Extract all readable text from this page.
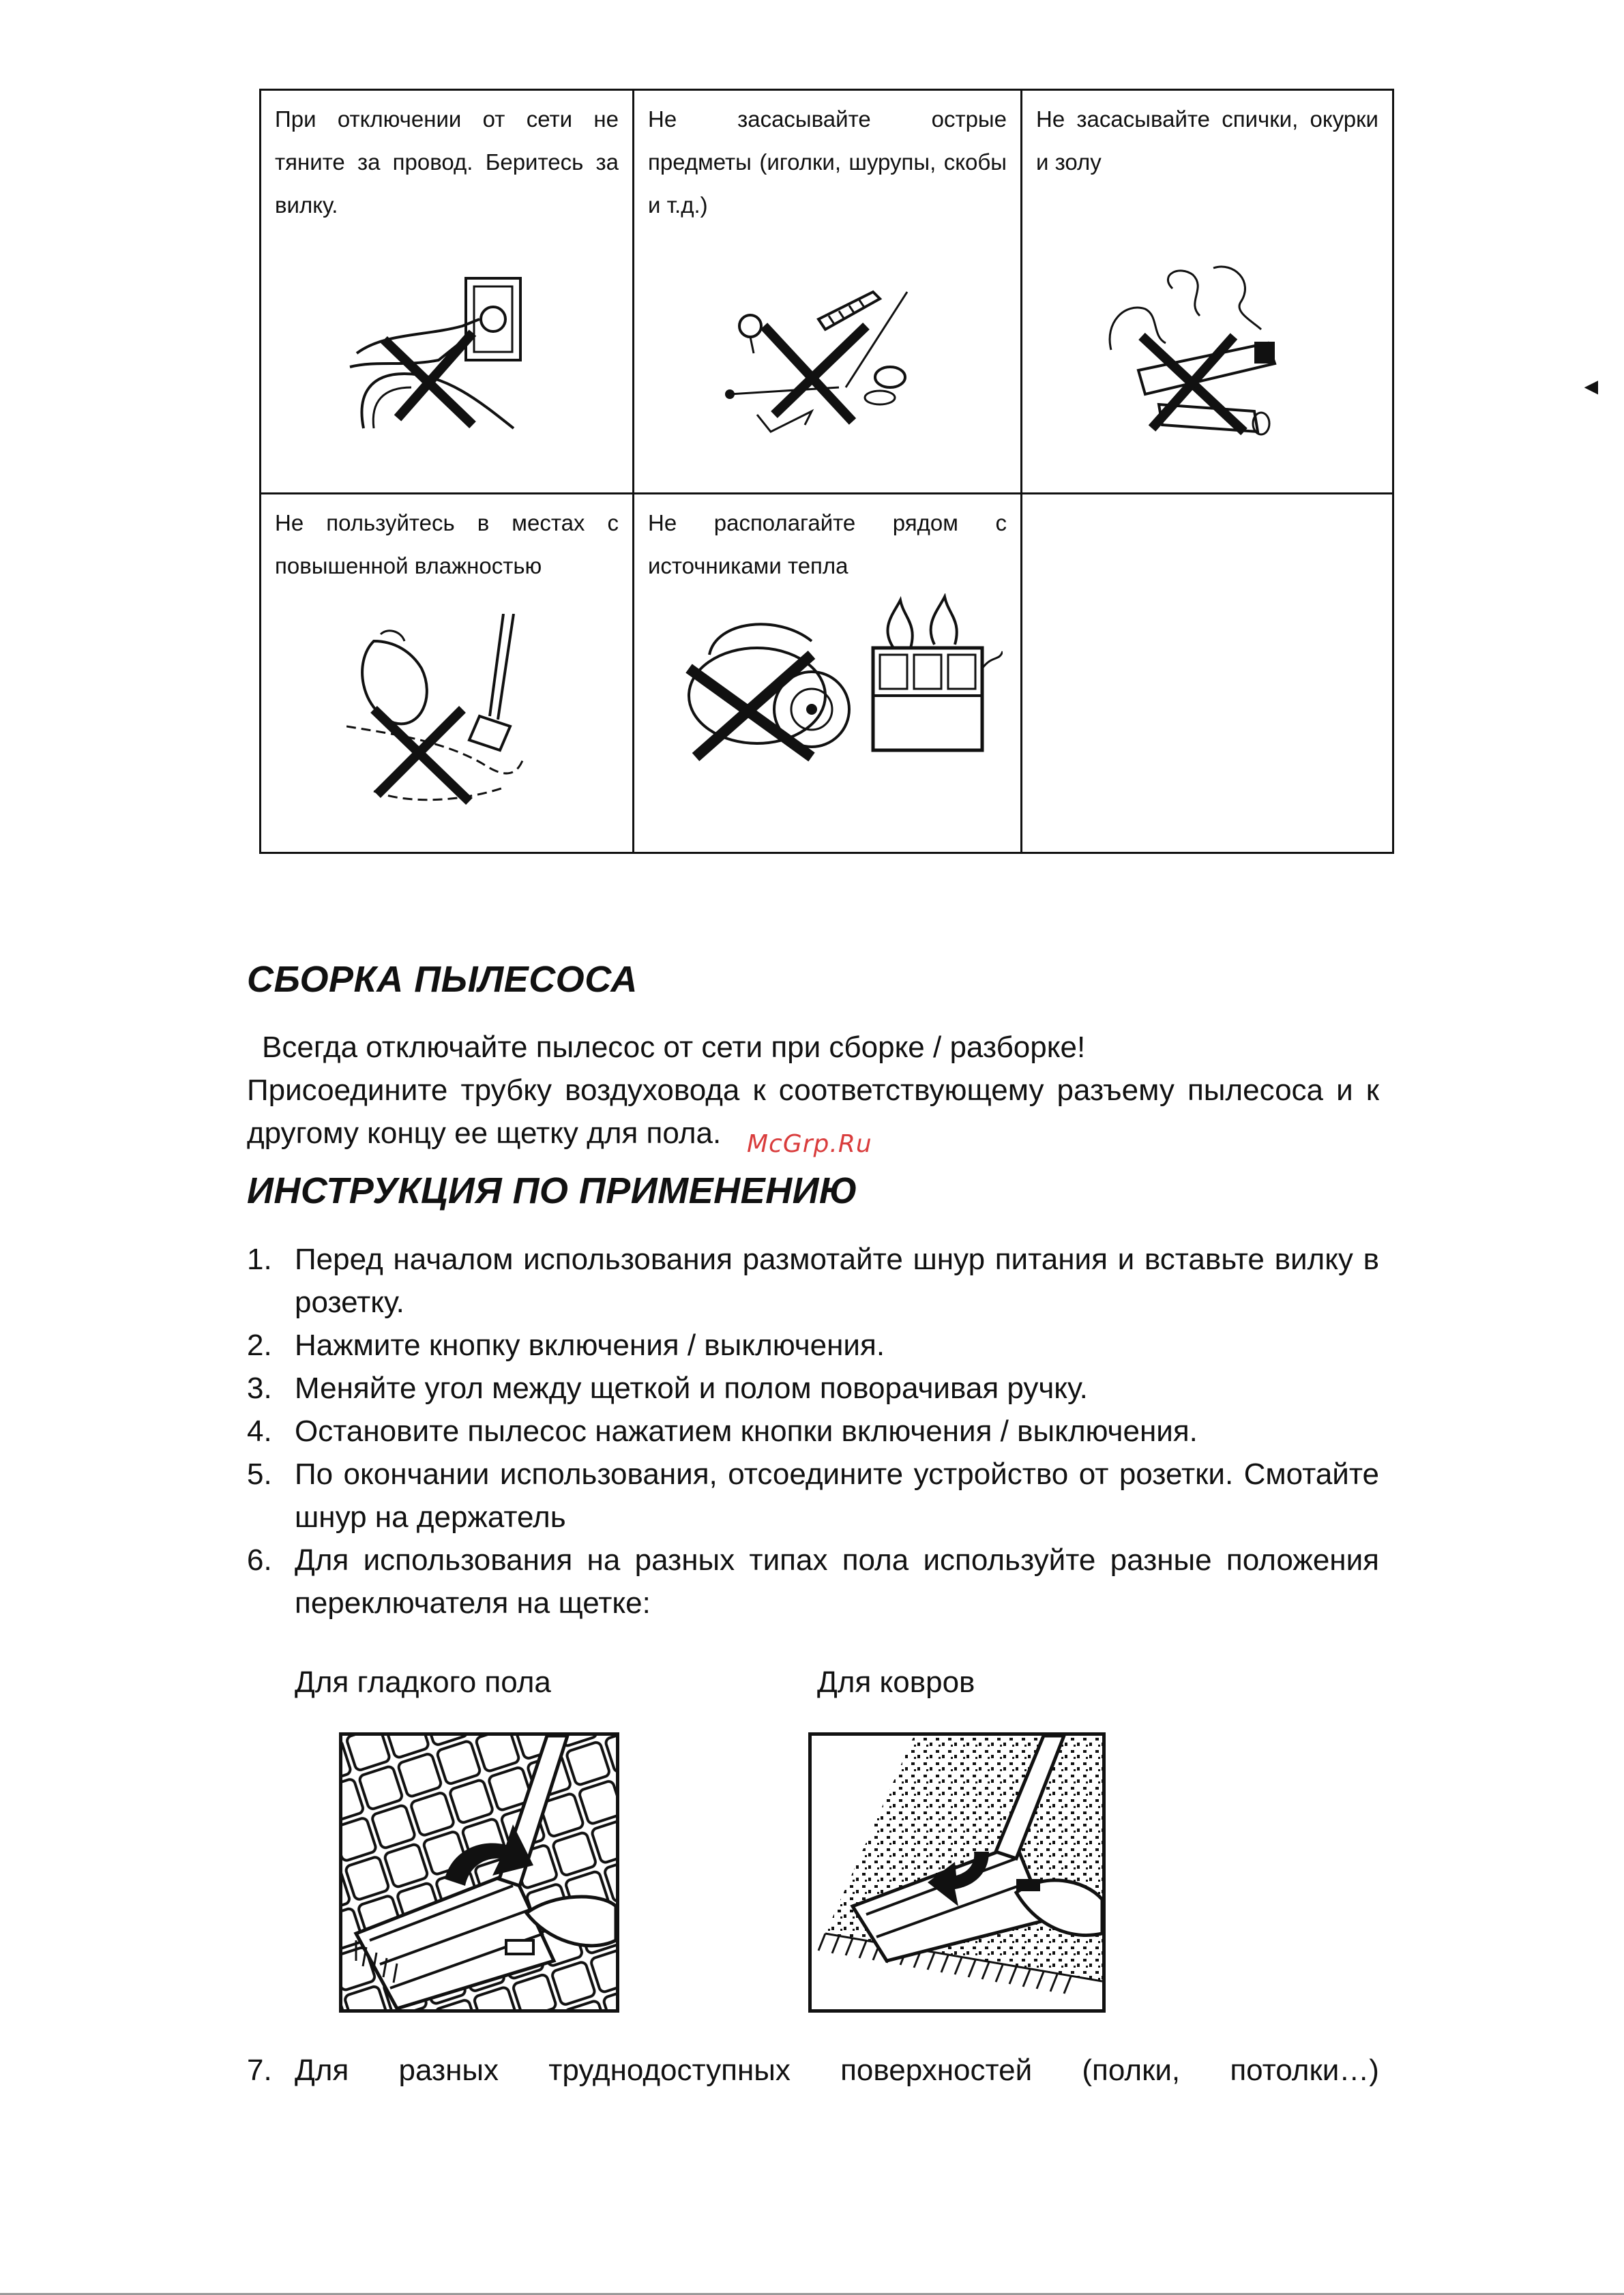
При отключении от сети не тяните за провод. Беритесь за вилку.
Не засасывайте острые предметы (иголки, шурупы, скобы и т.д.)
Не засасывайте спички, окурки и золу
Не пользуйтесь в местах с повышенной влажностью
Не располагайте рядом с источниками тепла
◄
СБОРКА ПЫЛЕСОСА
Всегда отключайте пылесос от сети при сборке / разборке!
Присоедините трубку воздуховода к соответствующему разъему пылесоса и к другому концу ее щетку для пола.	McGrp.Ru
ИНСТРУКЦИЯ ПО ПРИМЕНЕНИЮ
1. Перед началом использования размотайте шнур питания и вставьте вилку в розетку.
2. Нажмите кнопку включения / выключения.
3. Меняйте угол между щеткой и полом поворачивая ручку.
4. Остановите пылесос нажатием кнопки включения / выключения.
5. По окончании использования, отсоедините устройство от розетки. Смотайте шнур на держатель
6. Для использования на разных типах пола используйте разные положения переключателя на щетке:
Для гладкого пола	Для ковров
7. Для разных труднодоступных поверхностей (полки, потолки…)
